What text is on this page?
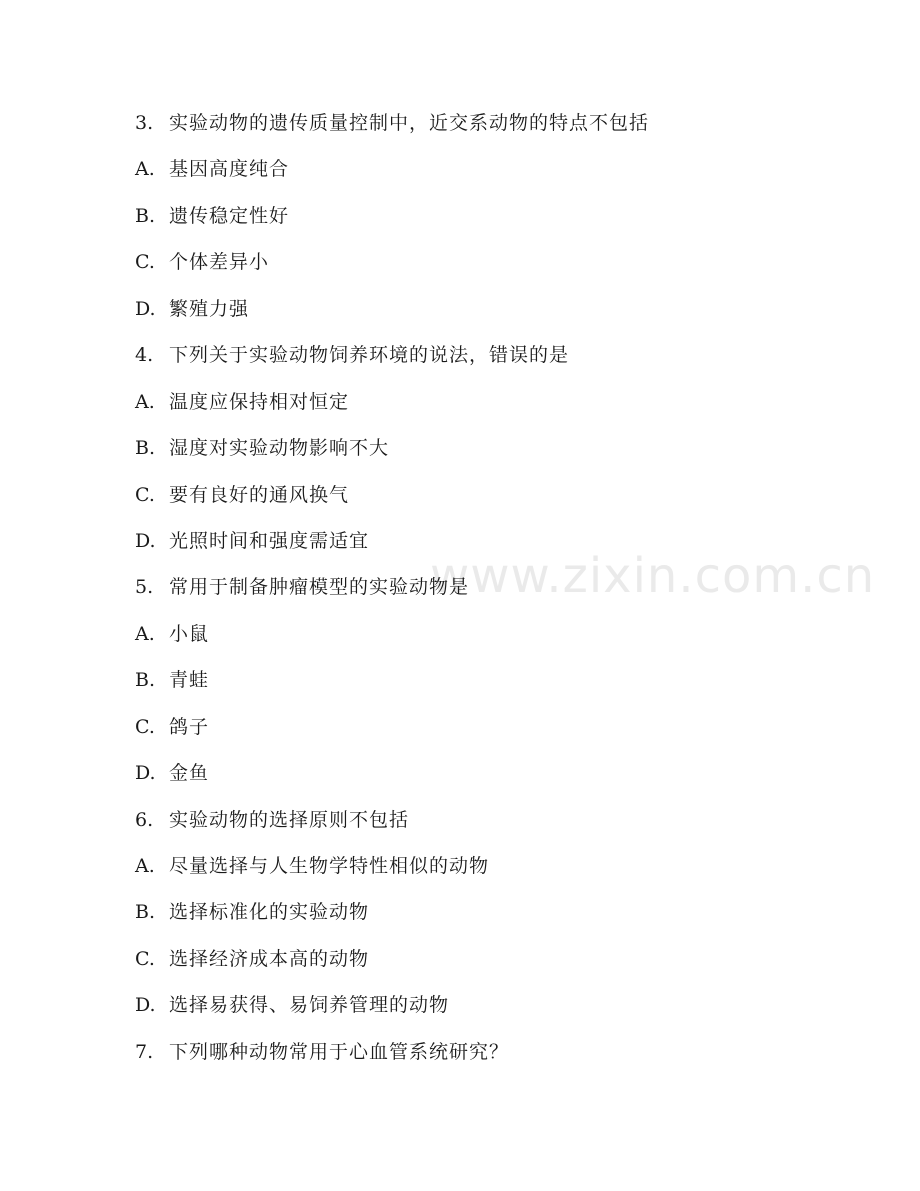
www.zixin.com.cn
3. 实验动物的遗传质量控制中，近交系动物的特点不包括
A. 基因高度纯合
B. 遗传稳定性好
C. 个体差异小
D. 繁殖力强
4. 下列关于实验动物饲养环境的说法，错误的是
A. 温度应保持相对恒定
B. 湿度对实验动物影响不大
C. 要有良好的通风换气
D. 光照时间和强度需适宜
5. 常用于制备肿瘤模型的实验动物是
A. 小鼠
B. 青蛙
C. 鸽子
D. 金鱼
6. 实验动物的选择原则不包括
A. 尽量选择与人生物学特性相似的动物
B. 选择标准化的实验动物
C. 选择经济成本高的动物
D. 选择易获得、易饲养管理的动物
7. 下列哪种动物常用于心血管系统研究？
